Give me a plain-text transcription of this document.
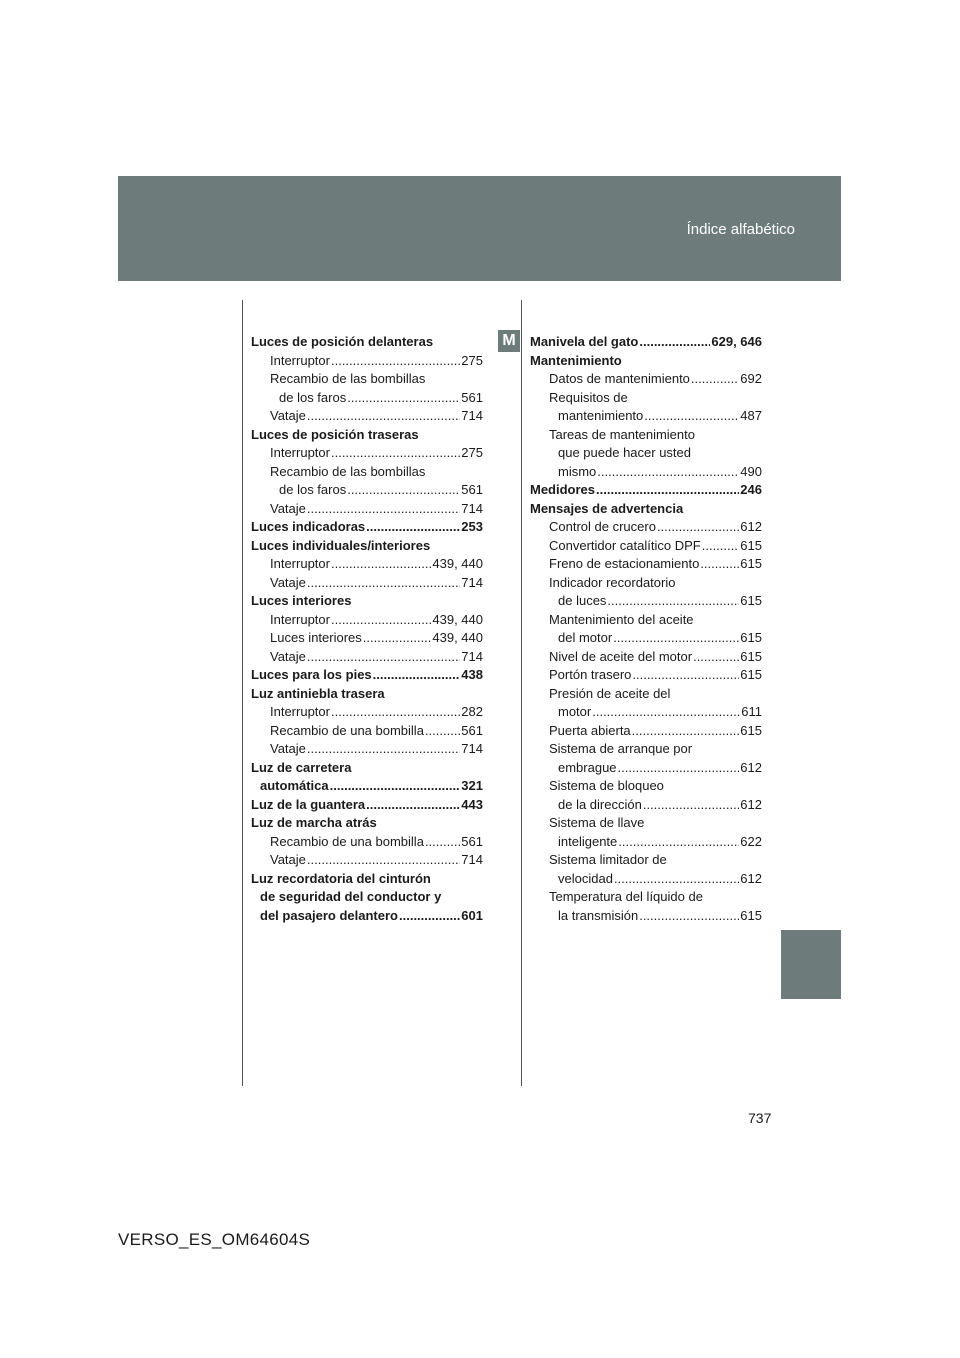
Índice alfabético
M
Luces de posición delanteras
Interruptor .....	275
Recambio de las bombillas
de los faros .....	561
Vataje .....	714
Luces de posición traseras
Interruptor .....	275
Recambio de las bombillas
de los faros .....	561
Vataje .....	714
Luces indicadoras .....	253
Luces individuales/interiores
Interruptor .....	439, 440
Vataje .....	714
Luces interiores
Interruptor .....	439, 440
Luces interiores .....	439, 440
Vataje .....	714
Luces para los pies .....	438
Luz antiniebla trasera
Interruptor .....	282
Recambio de una bombilla .....	561
Vataje .....	714
Luz de carretera
automática .....	321
Luz de la guantera .....	443
Luz de marcha atrás
Recambio de una bombilla .....	561
Vataje .....	714
Luz recordatoria del cinturón
de seguridad del conductor y
del pasajero delantero .....	601
Manivela del gato .....	629, 646
Mantenimiento
Datos de mantenimiento .....	692
Requisitos de
mantenimiento .....	487
Tareas de mantenimiento
que puede hacer usted
mismo .....	490
Medidores .....	246
Mensajes de advertencia
Control de crucero .....	612
Convertidor catalítico DPF .....	615
Freno de estacionamiento .....	615
Indicador recordatorio
de luces .....	615
Mantenimiento del aceite
del motor .....	615
Nivel de aceite del motor .....	615
Portón trasero .....	615
Presión de aceite del
motor .....	611
Puerta abierta .....	615
Sistema de arranque por
embrague .....	612
Sistema de bloqueo
de la dirección .....	612
Sistema de llave
inteligente .....	622
Sistema limitador de
velocidad .....	612
Temperatura del líquido de
la transmisión .....	615
737
VERSO_ES_OM64604S
